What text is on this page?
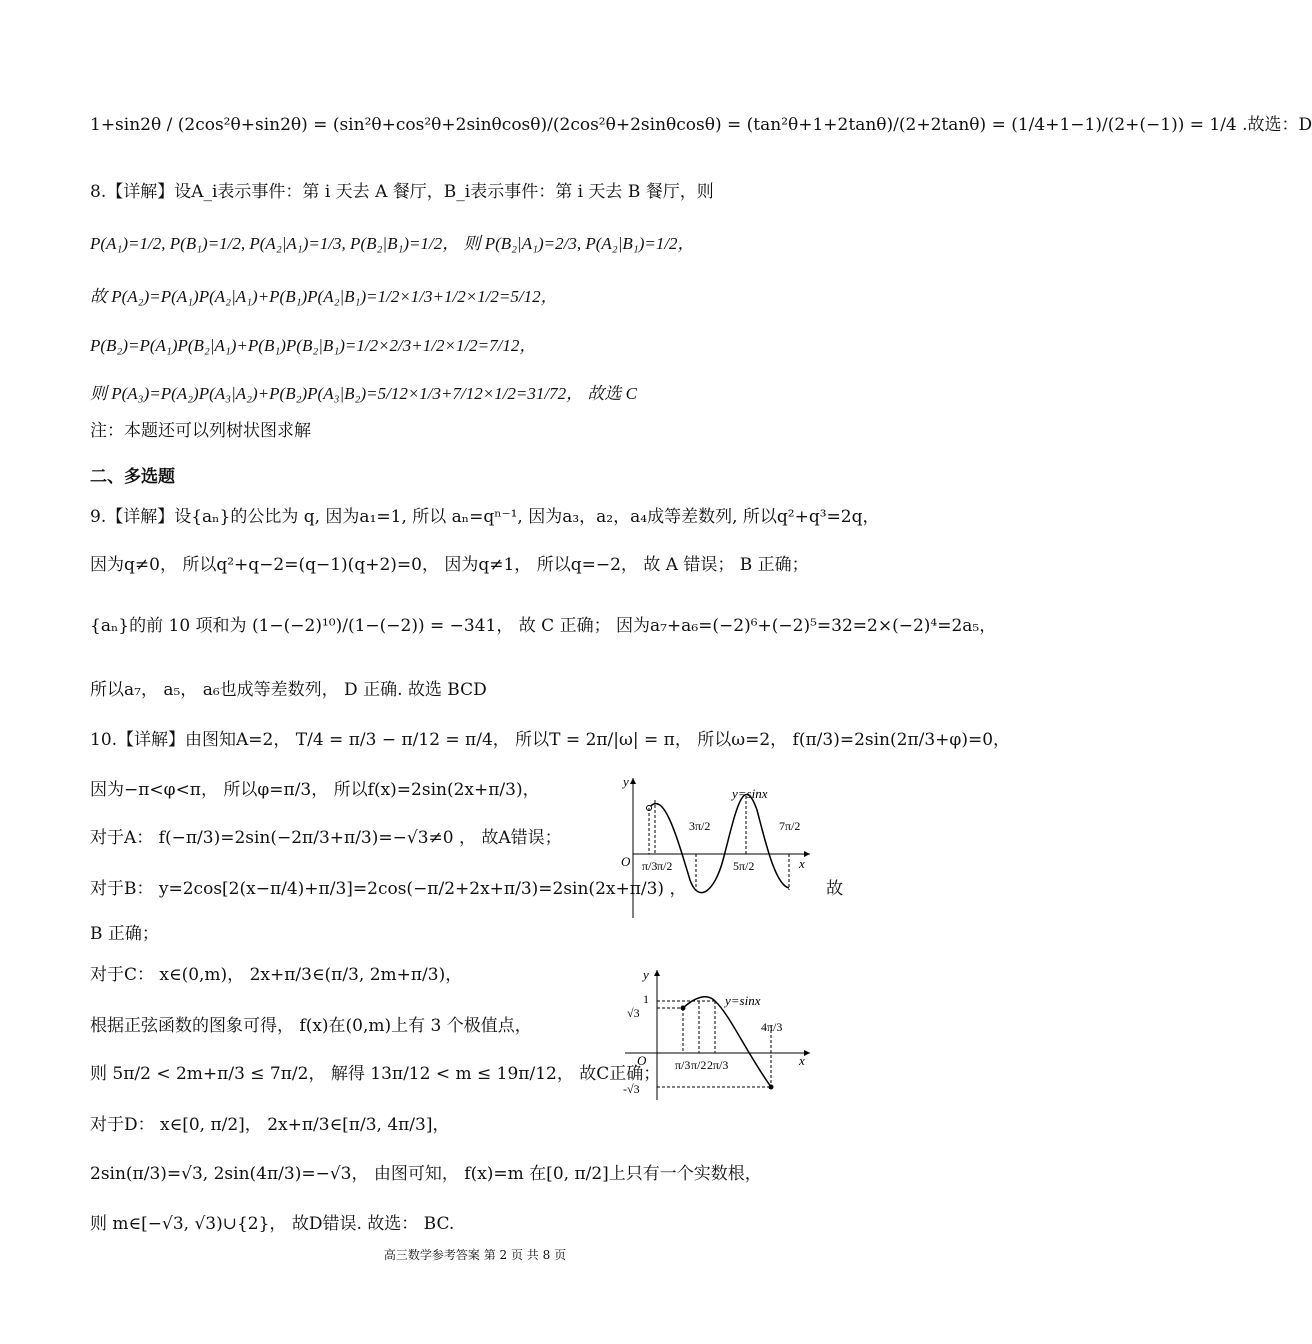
1+sin2θ / (2cos²θ+sin2θ) = (sin²θ+cos²θ+2sinθcosθ)/(2cos²θ+2sinθcosθ) = (tan²θ+1+2tanθ)/(2+2tanθ) = (1/4+1−1)/(2+(−1)) = 1/4 .故选：D
8.【详解】设A_i表示事件：第 i 天去 A 餐厅，B_i表示事件：第 i 天去 B 餐厅，则
P(A₁)=1/2, P(B₁)=1/2, P(A₂|A₁)=1/3, P(B₂|B₁)=1/2， 则 P(B₂|A₁)=2/3, P(A₂|B₁)=1/2，
故 P(A₂)=P(A₁)P(A₂|A₁)+P(B₁)P(A₂|B₁)=1/2×1/3+1/2×1/2=5/12，
P(B₂)=P(A₁)P(B₂|A₁)+P(B₁)P(B₂|B₁)=1/2×2/3+1/2×1/2=7/12，
则 P(A₃)=P(A₂)P(A₃|A₂)+P(B₂)P(A₃|B₂)=5/12×1/3+7/12×1/2=31/72， 故选 C
注：本题还可以列树状图求解
二、多选题
9.【详解】设{aₙ}的公比为 q, 因为a₁=1, 所以 aₙ=qⁿ⁻¹, 因为a₃，a₂，a₄成等差数列, 所以q²+q³=2q，
因为q≠0， 所以q²+q−2=(q−1)(q+2)=0， 因为q≠1， 所以q=−2， 故 A 错误； B 正确；
{aₙ}的前 10 项和为 (1−(−2)¹⁰)/(1−(−2)) = −341， 故 C 正确； 因为a₇+a₆=(−2)⁶+(−2)⁵=32=2×(−2)⁴=2a₅，
所以a₇， a₅， a₆也成等差数列， D 正确. 故选 BCD
10.【详解】由图知A=2， T/4 = π/3 − π/12 = π/4， 所以T = 2π/|ω| = π， 所以ω=2， f(π/3)=2sin(2π/3+φ)=0，
因为−π<φ<π， 所以φ=π/3， 所以f(x)=2sin(2x+π/3)，
对于A： f(−π/3)=2sin(−2π/3+π/3)=−√3≠0 ， 故A错误；
对于B： y=2cos[2(x−π/4)+π/3]=2cos(−π/2+2x+π/3)=2sin(2x+π/3) ，	故
B 正确；
对于C： x∈(0,m)， 2x+π/3∈(π/3, 2m+π/3)，
根据正弦函数的图象可得， f(x)在(0,m)上有 3 个极值点，
则 5π/2 < 2m+π/3 ≤ 7π/2， 解得 13π/12 < m ≤ 19π/12， 故C正确；
对于D： x∈[0, π/2]， 2x+π/3∈[π/3, 4π/3]，
2sin(π/3)=√3, 2sin(4π/3)=−√3， 由图可知， f(x)=m 在[0, π/2]上只有一个实数根，
则 m∈[−√3, √3)∪{2}， 故D错误. 故选： BC.
y
x
O
y=sinx
π/3 π/2
3π/2
5π/2
7π/2
y
x
O
y=sinx
1
√3
-√3
π/3 π/2 2π/3
4π/3
高三数学参考答案 第 2 页 共 8 页
